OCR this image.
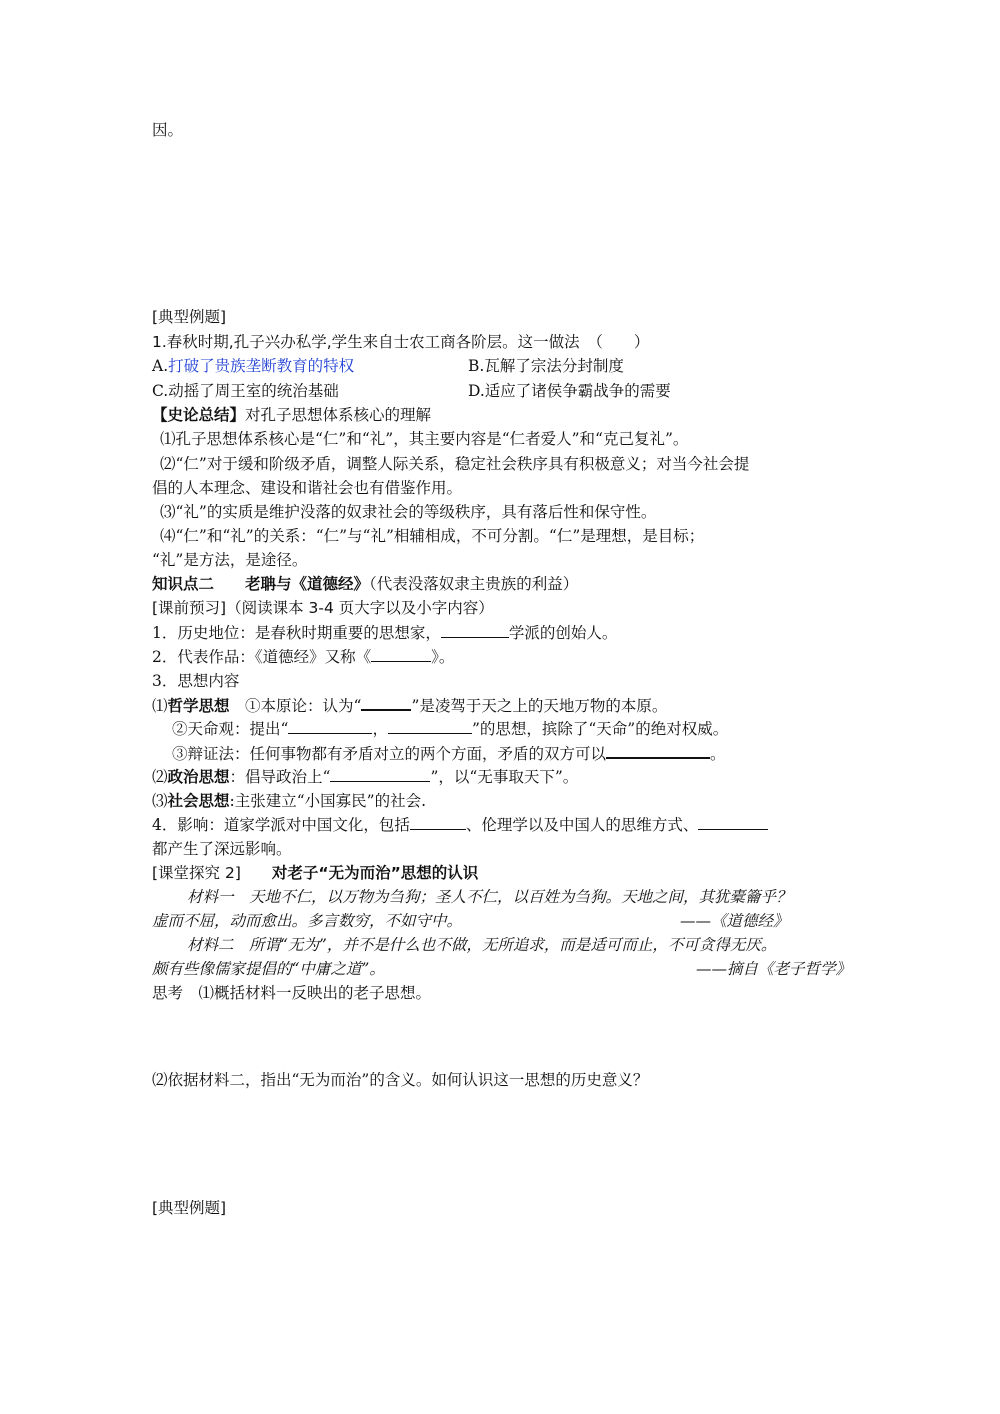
因。
[典型例题]
1.春秋时期,孔子兴办私学,学生来自士农工商各阶层。这一做法　（　　）
A.打破了贵族垄断教育的特权	B.瓦解了宗法分封制度
C.动摇了周王室的统治基础	D.适应了诸侯争霸战争的需要
【史论总结】对孔子思想体系核心的理解
⑴孔子思想体系核心是“仁”和“礼”，其主要内容是“仁者爱人”和“克己复礼”。
⑵“仁”对于缓和阶级矛盾，调整人际关系，稳定社会秩序具有积极意义；对当今社会提
倡的人本理念、建设和谐社会也有借鉴作用。
⑶“礼”的实质是维护没落的奴隶社会的等级秩序，具有落后性和保守性。
⑷“仁”和“礼”的关系：“仁”与“礼”相辅相成，不可分割。“仁”是理想，是目标；
“礼”是方法，是途径。
知识点二　　老聃与《道德经》（代表没落奴隶主贵族的利益）
[课前预习]（阅读课本 3-4 页大字以及小字内容）
1．历史地位：是春秋时期重要的思想家，	学派的创始人。
2．代表作品：《道德经》又称《	》。
3．思想内容
⑴哲学思想　①本原论：认为“	”是凌驾于天之上的天地万物的本原。
②天命观：提出“	，	”的思想，摈除了“天命”的绝对权威。
③辩证法：任何事物都有矛盾对立的两个方面，矛盾的双方可以	。
⑵政治思想：倡导政治上“	”，以“无事取天下”。
⑶社会思想:主张建立“小国寡民”的社会.
4．影响：道家学派对中国文化，包括	、伦理学以及中国人的思维方式、
都产生了深远影响。
[课堂探究 2]　　对老子“无为而治”思想的认识
材料一　天地不仁，以万物为刍狗；圣人不仁，以百姓为刍狗。天地之间，其犹橐籥乎？
虚而不屈，动而愈出。多言数穷，不如守中。	——《道德经》
材料二　所谓“无为”，并不是什么也不做，无所追求，而是适可而止，不可贪得无厌。
颇有些像儒家提倡的“中庸之道”。	——摘自《老子哲学》
思考　⑴概括材料一反映出的老子思想。
⑵依据材料二，指出“无为而治”的含义。如何认识这一思想的历史意义？
[典型例题]
